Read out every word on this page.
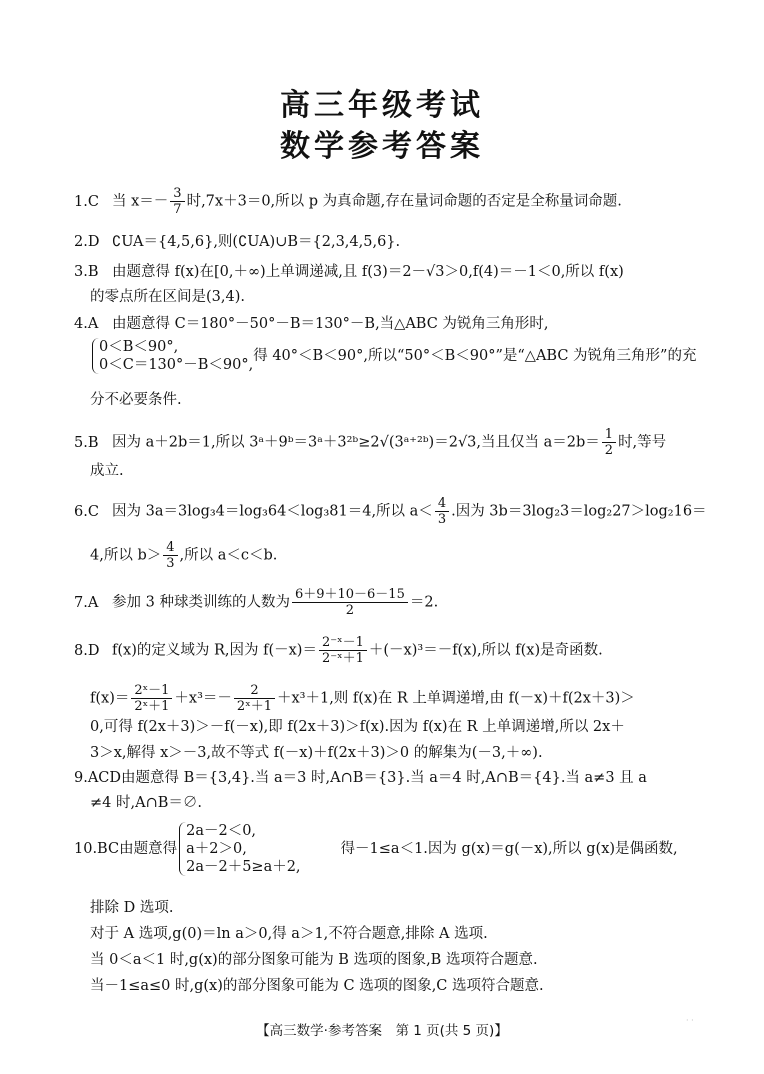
高三年级考试
数学参考答案
1.C 当 $x=- \frac{3}{7}$ 时,7x＋3＝0,所以 p 为真命题,存在量词命题的否定是全称量词命题.
2.D ∁UA＝{4,5,6},则(∁UA)∪B＝{2,3,4,5,6}.
3.B 由题意得 f(x)在[0,＋∞)上单调递减,且 f(3)＝2－√3＞0,f(4)＝－1＜0,所以 f(x)
的零点所在区间是(3,4).
4.A 由题意得 C＝180°－50°－B＝130°－B,当△ABC 为锐角三角形时,
0＜B＜90°,
0＜C＝130°－B＜90°,
得 40°＜B＜90°,所以“50°＜B＜90°”是“△ABC 为锐角三角形”的充
分不必要条件.
5.B 因为 a＋2b＝1,所以 3ᵃ＋9ᵇ＝3ᵃ＋3²ᵇ≥2√(3ᵃ⁺²ᵇ)＝2√3,当且仅当 $a=2b= \frac{1}{2}$ 时,等号
成立.
6.C 因为 3a＝3log₃4＝log₃64＜log₃81＝4,所以 $a< \frac{4}{3}$ .因为 3b＝3log₂3＝log₂27＞log₂16＝
4,所以 $b> \frac{4}{3}$ ,所以 a＜c＜b.
7.A 参加 3 种球类训练的人数为 $\frac{6+9+10-6-15}{2} =2$.
8.D f(x)的定义域为 R,因为 $f(-x)= \frac{\text{2⁻ˣ－1}}{\text{2⁻ˣ＋1}} +(-x)^3=-f(x)$,所以 f(x)是奇函数.
$f(x)= \frac{\text{2ˣ－1}}{\text{2ˣ＋1}} +x^3=- \frac{2}{\text{2ˣ＋1}} +x^3+1$,则 f(x)在 R 上单调递增,由 f(－x)＋f(2x＋3)＞
0,可得 f(2x＋3)＞－f(－x),即 f(2x＋3)＞f(x).因为 f(x)在 R 上单调递增,所以 2x＋
3＞x,解得 x＞－3,故不等式 f(－x)＋f(2x＋3)＞0 的解集为(－3,＋∞).
9.ACD由题意得 B＝{3,4}.当 a＝3 时,A∩B＝{3}.当 a＝4 时,A∩B＝{4}.当 a≠3 且 a
≠4 时,A∩B＝∅.
10.BC由题意得
2a－2＜0,
a＋2＞0,
2a－2＋5≥a＋2,
得－1≤a＜1.因为 g(x)＝g(－x),所以 g(x)是偶函数,
排除 D 选项.
对于 A 选项,g(0)＝ln a＞0,得 a＞1,不符合题意,排除 A 选项.
当 0＜a＜1 时,g(x)的部分图象可能为 B 选项的图象,B 选项符合题意.
当－1≤a≤0 时,g(x)的部分图象可能为 C 选项的图象,C 选项符合题意.
【高三数学·参考答案　第 1 页(共 5 页)】
· ·
